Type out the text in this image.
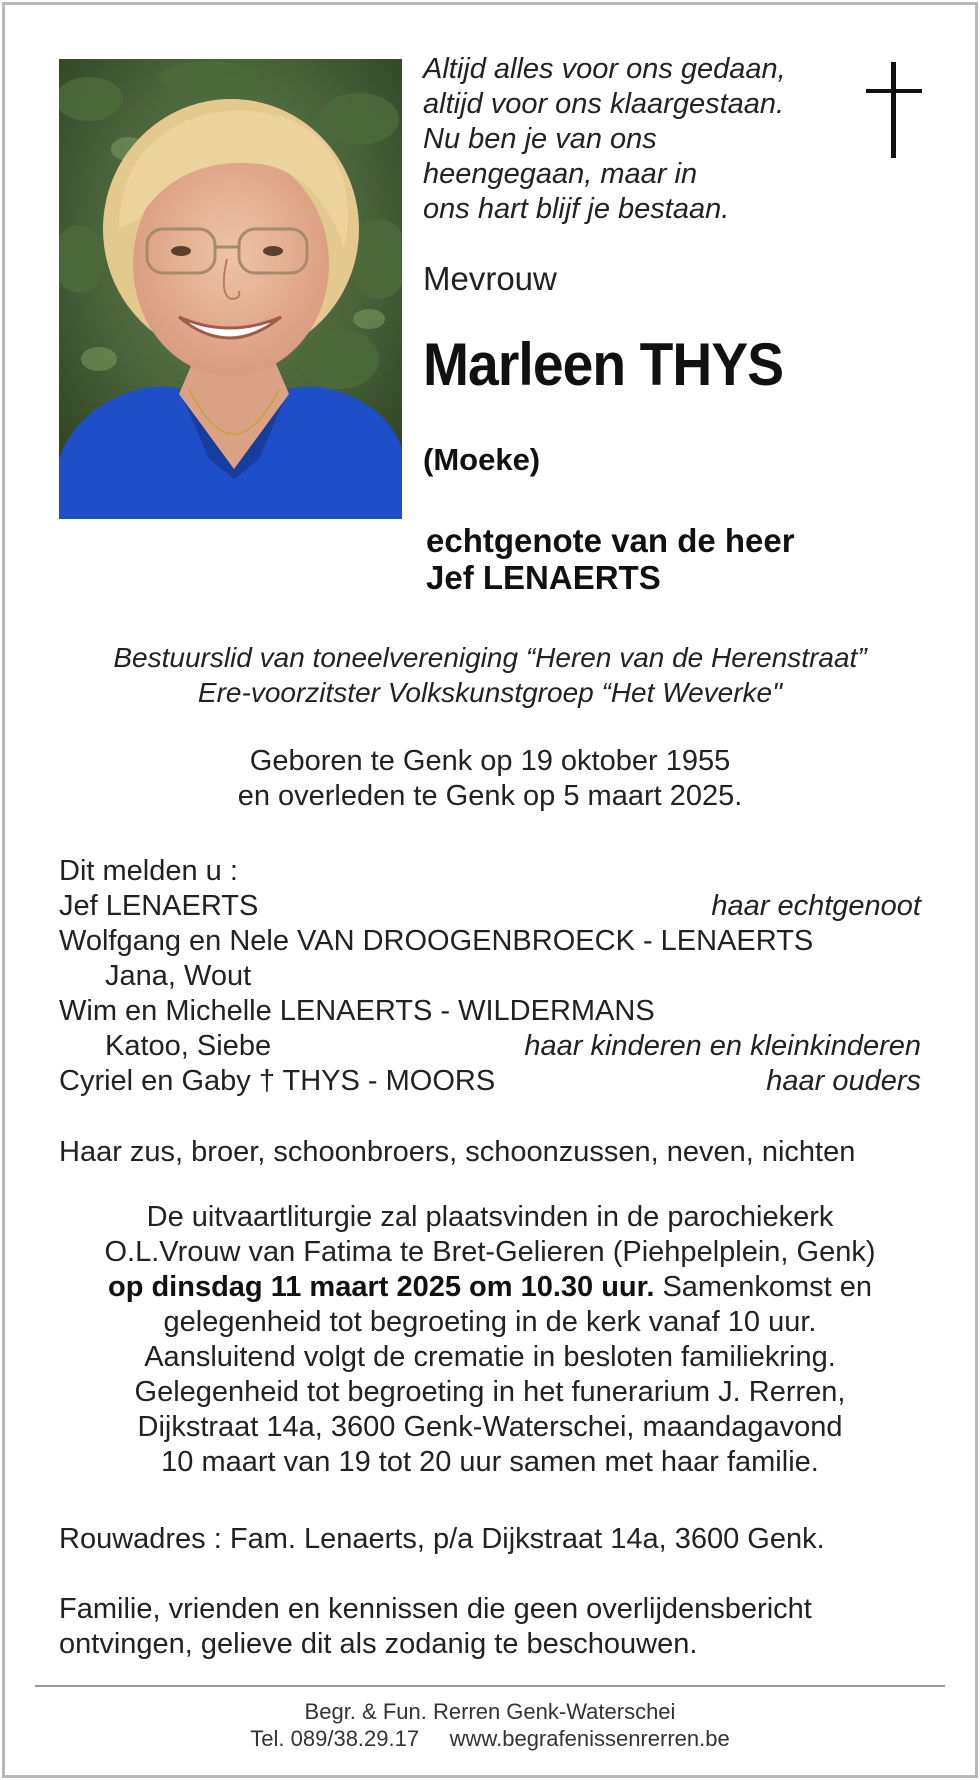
Altijd alles voor ons gedaan,
altijd voor ons klaargestaan.
Nu ben je van ons
heengegaan, maar in
ons hart blijf je bestaan.
Mevrouw
Marleen THYS
(Moeke)
echtgenote van de heer
Jef LENAERTS
Bestuurslid van toneelvereniging “Heren van de Herenstraat”
Ere-voorzitster Volkskunstgroep “Het Weverke"
Geboren te Genk op 19 oktober 1955
en overleden te Genk op 5 maart 2025.
Dit melden u :
Jef LENAERTS	haar echtgenoot
Wolfgang en Nele VAN DROOGENBROECK - LENAERTS
Jana, Wout
Wim en Michelle LENAERTS - WILDERMANS
Katoo, Siebe	haar kinderen en kleinkinderen
Cyriel en Gaby † THYS - MOORS	haar ouders
Haar zus, broer, schoonbroers, schoonzussen, neven, nichten
De uitvaartliturgie zal plaatsvinden in de parochiekerk
O.L.Vrouw van Fatima te Bret-Gelieren (Piehpelplein, Genk)
op dinsdag 11 maart 2025 om 10.30 uur. Samenkomst en
gelegenheid tot begroeting in de kerk vanaf 10 uur.
Aansluitend volgt de crematie in besloten familiekring.
Gelegenheid tot begroeting in het funerarium J. Rerren,
Dijkstraat 14a, 3600 Genk-Waterschei, maandagavond
10 maart van 19 tot 20 uur samen met haar familie.
Rouwadres : Fam. Lenaerts, p/a Dijkstraat 14a, 3600 Genk.
Familie, vrienden en kennissen die geen overlijdensbericht
ontvingen, gelieve dit als zodanig te beschouwen.
Begr. & Fun. Rerren Genk-Waterschei
Tel. 089/38.29.17     www.begrafenissenrerren.be
